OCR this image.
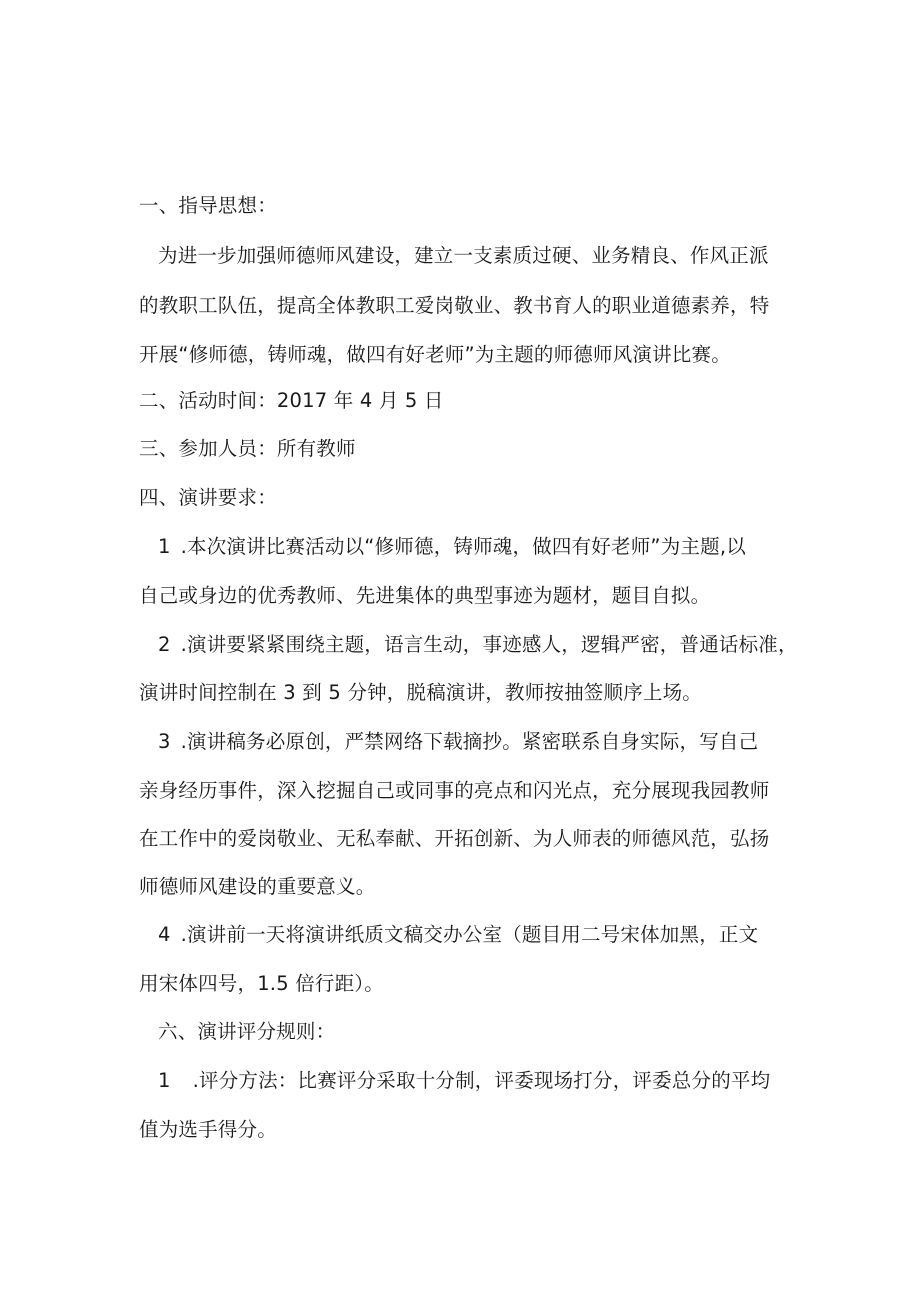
一、指导思想：
为进一步加强师德师风建设，建立一支素质过硬、业务精良、作风正派
的教职工队伍，提高全体教职工爱岗敬业、教书育人的职业道德素养，特
开展“修师德，铸师魂，做四有好老师”为主题的师德师风演讲比赛。
二、活动时间：2017 年 4 月 5 日
三、参加人员：所有教师
四、演讲要求：
1 .本次演讲比赛活动以“修师德，铸师魂，做四有好老师”为主题,以
自己或身边的优秀教师、先进集体的典型事迹为题材，题目自拟。
2 .演讲要紧紧围绕主题，语言生动，事迹感人，逻辑严密，普通话标准，
演讲时间控制在 3 到 5 分钟，脱稿演讲，教师按抽签顺序上场。
3 .演讲稿务必原创，严禁网络下载摘抄。紧密联系自身实际，写自己
亲身经历事件，深入挖掘自己或同事的亮点和闪光点，充分展现我园教师
在工作中的爱岗敬业、无私奉献、开拓创新、为人师表的师德风范，弘扬
师德师风建设的重要意义。
4 .演讲前一天将演讲纸质文稿交办公室（题目用二号宋体加黑，正文
用宋体四号，1.5 倍行距）。
六、演讲评分规则：
1 .评分方法：比赛评分采取十分制，评委现场打分，评委总分的平均
值为选手得分。
